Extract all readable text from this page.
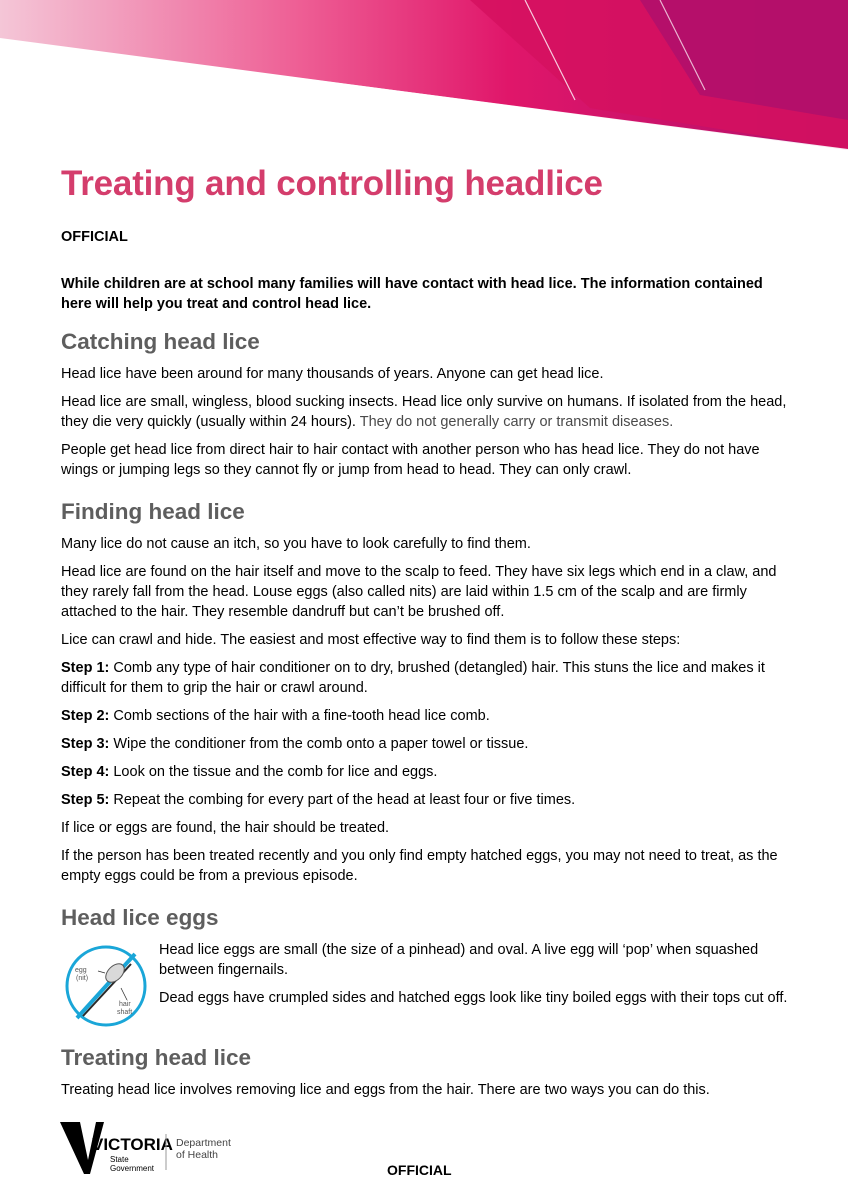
Treating and controlling headlice

OFFICIAL

While children are at school many families will have contact with head lice. The information contained here will help you treat and control head lice.

Catching head lice

Head lice have been around for many thousands of years. Anyone can get head lice.

Head lice are small, wingless, blood sucking insects. Head lice only survive on humans. If isolated from the head, they die very quickly (usually within 24 hours). They do not generally carry or transmit diseases.

People get head lice from direct hair to hair contact with another person who has head lice. They do not have wings or jumping legs so they cannot fly or jump from head to head. They can only crawl.

Finding head lice

Many lice do not cause an itch, so you have to look carefully to find them.

Head lice are found on the hair itself and move to the scalp to feed. They have six legs which end in a claw, and they rarely fall from the head. Louse eggs (also called nits) are laid within 1.5 cm of the scalp and are firmly attached to the hair. They resemble dandruff but can’t be brushed off.

Lice can crawl and hide. The easiest and most effective way to find them is to follow these steps:

Step 1: Comb any type of hair conditioner on to dry, brushed (detangled) hair. This stuns the lice and makes it difficult for them to grip the hair or crawl around.

Step 2: Comb sections of the hair with a fine-tooth head lice comb.

Step 3: Wipe the conditioner from the comb onto a paper towel or tissue.

Step 4: Look on the tissue and the comb for lice and eggs.

Step 5: Repeat the combing for every part of the head at least four or five times.

If lice or eggs are found, the hair should be treated.

If the person has been treated recently and you only find empty hatched eggs, you may not need to treat, as the empty eggs could be from a previous episode.

Head lice eggs
egg
(nit)
hair
shaft

Head lice eggs are small (the size of a pinhead) and oval. A live egg will ‘pop’ when squashed between fingernails.

Dead eggs have crumpled sides and hatched eggs look like tiny boiled eggs with their tops cut off.

Treating head lice

Treating head lice involves removing lice and eggs from the hair. There are two ways you can do this.

VICTORIA
State
Government
Department
of Health

OFFICIAL
